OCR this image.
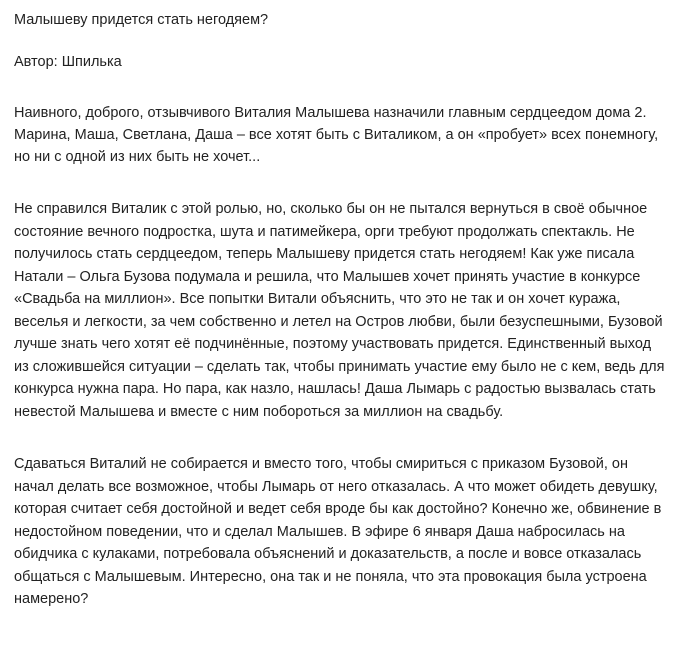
Малышеву придется стать негодяем?
Автор: Шпилька

Наивного, доброго, отзывчивого Виталия Малышева назначили главным сердцеедом дома 2. Марина, Маша, Светлана, Даша – все хотят быть с Виталиком, а он «пробует» всех понемногу, но ни с одной из них быть не хочет...

Не справился Виталик с этой ролью, но, сколько бы он не пытался вернуться в своё обычное состояние вечного подростка, шута и патимейкера, орги требуют продолжать спектакль. Не получилось стать сердцеедом, теперь Малышеву придется стать негодяем! Как уже писала Натали – Ольга Бузова подумала и решила, что Малышев хочет принять участие в конкурсе «Свадьба на миллион». Все попытки Витали объяснить, что это не так и он хочет куража, веселья и легкости, за чем собственно и летел на Остров любви, были безуспешными, Бузовой лучше знать чего хотят её подчинённые, поэтому участвовать придется. Единственный выход из сложившейся ситуации – сделать так, чтобы принимать участие ему было не с кем, ведь для конкурса нужна пара. Но пара, как назло, нашлась! Даша Лымарь с радостью вызвалась стать невестой Малышева и вместе с ним побороться за миллион на свадьбу.

Сдаваться Виталий не собирается и вместо того, чтобы смириться с приказом Бузовой, он начал делать все возможное, чтобы Лымарь от него отказалась. А что может обидеть девушку, которая считает себя достойной и ведет себя вроде бы как достойно? Конечно же, обвинение в недостойном поведении, что и сделал Малышев. В эфире 6 января Даша набросилась на обидчика с кулаками, потребовала объяснений и доказательств, а после и вовсе отказалась общаться с Малышевым. Интересно, она так и не поняла, что эта провокация была устроена намерено?
